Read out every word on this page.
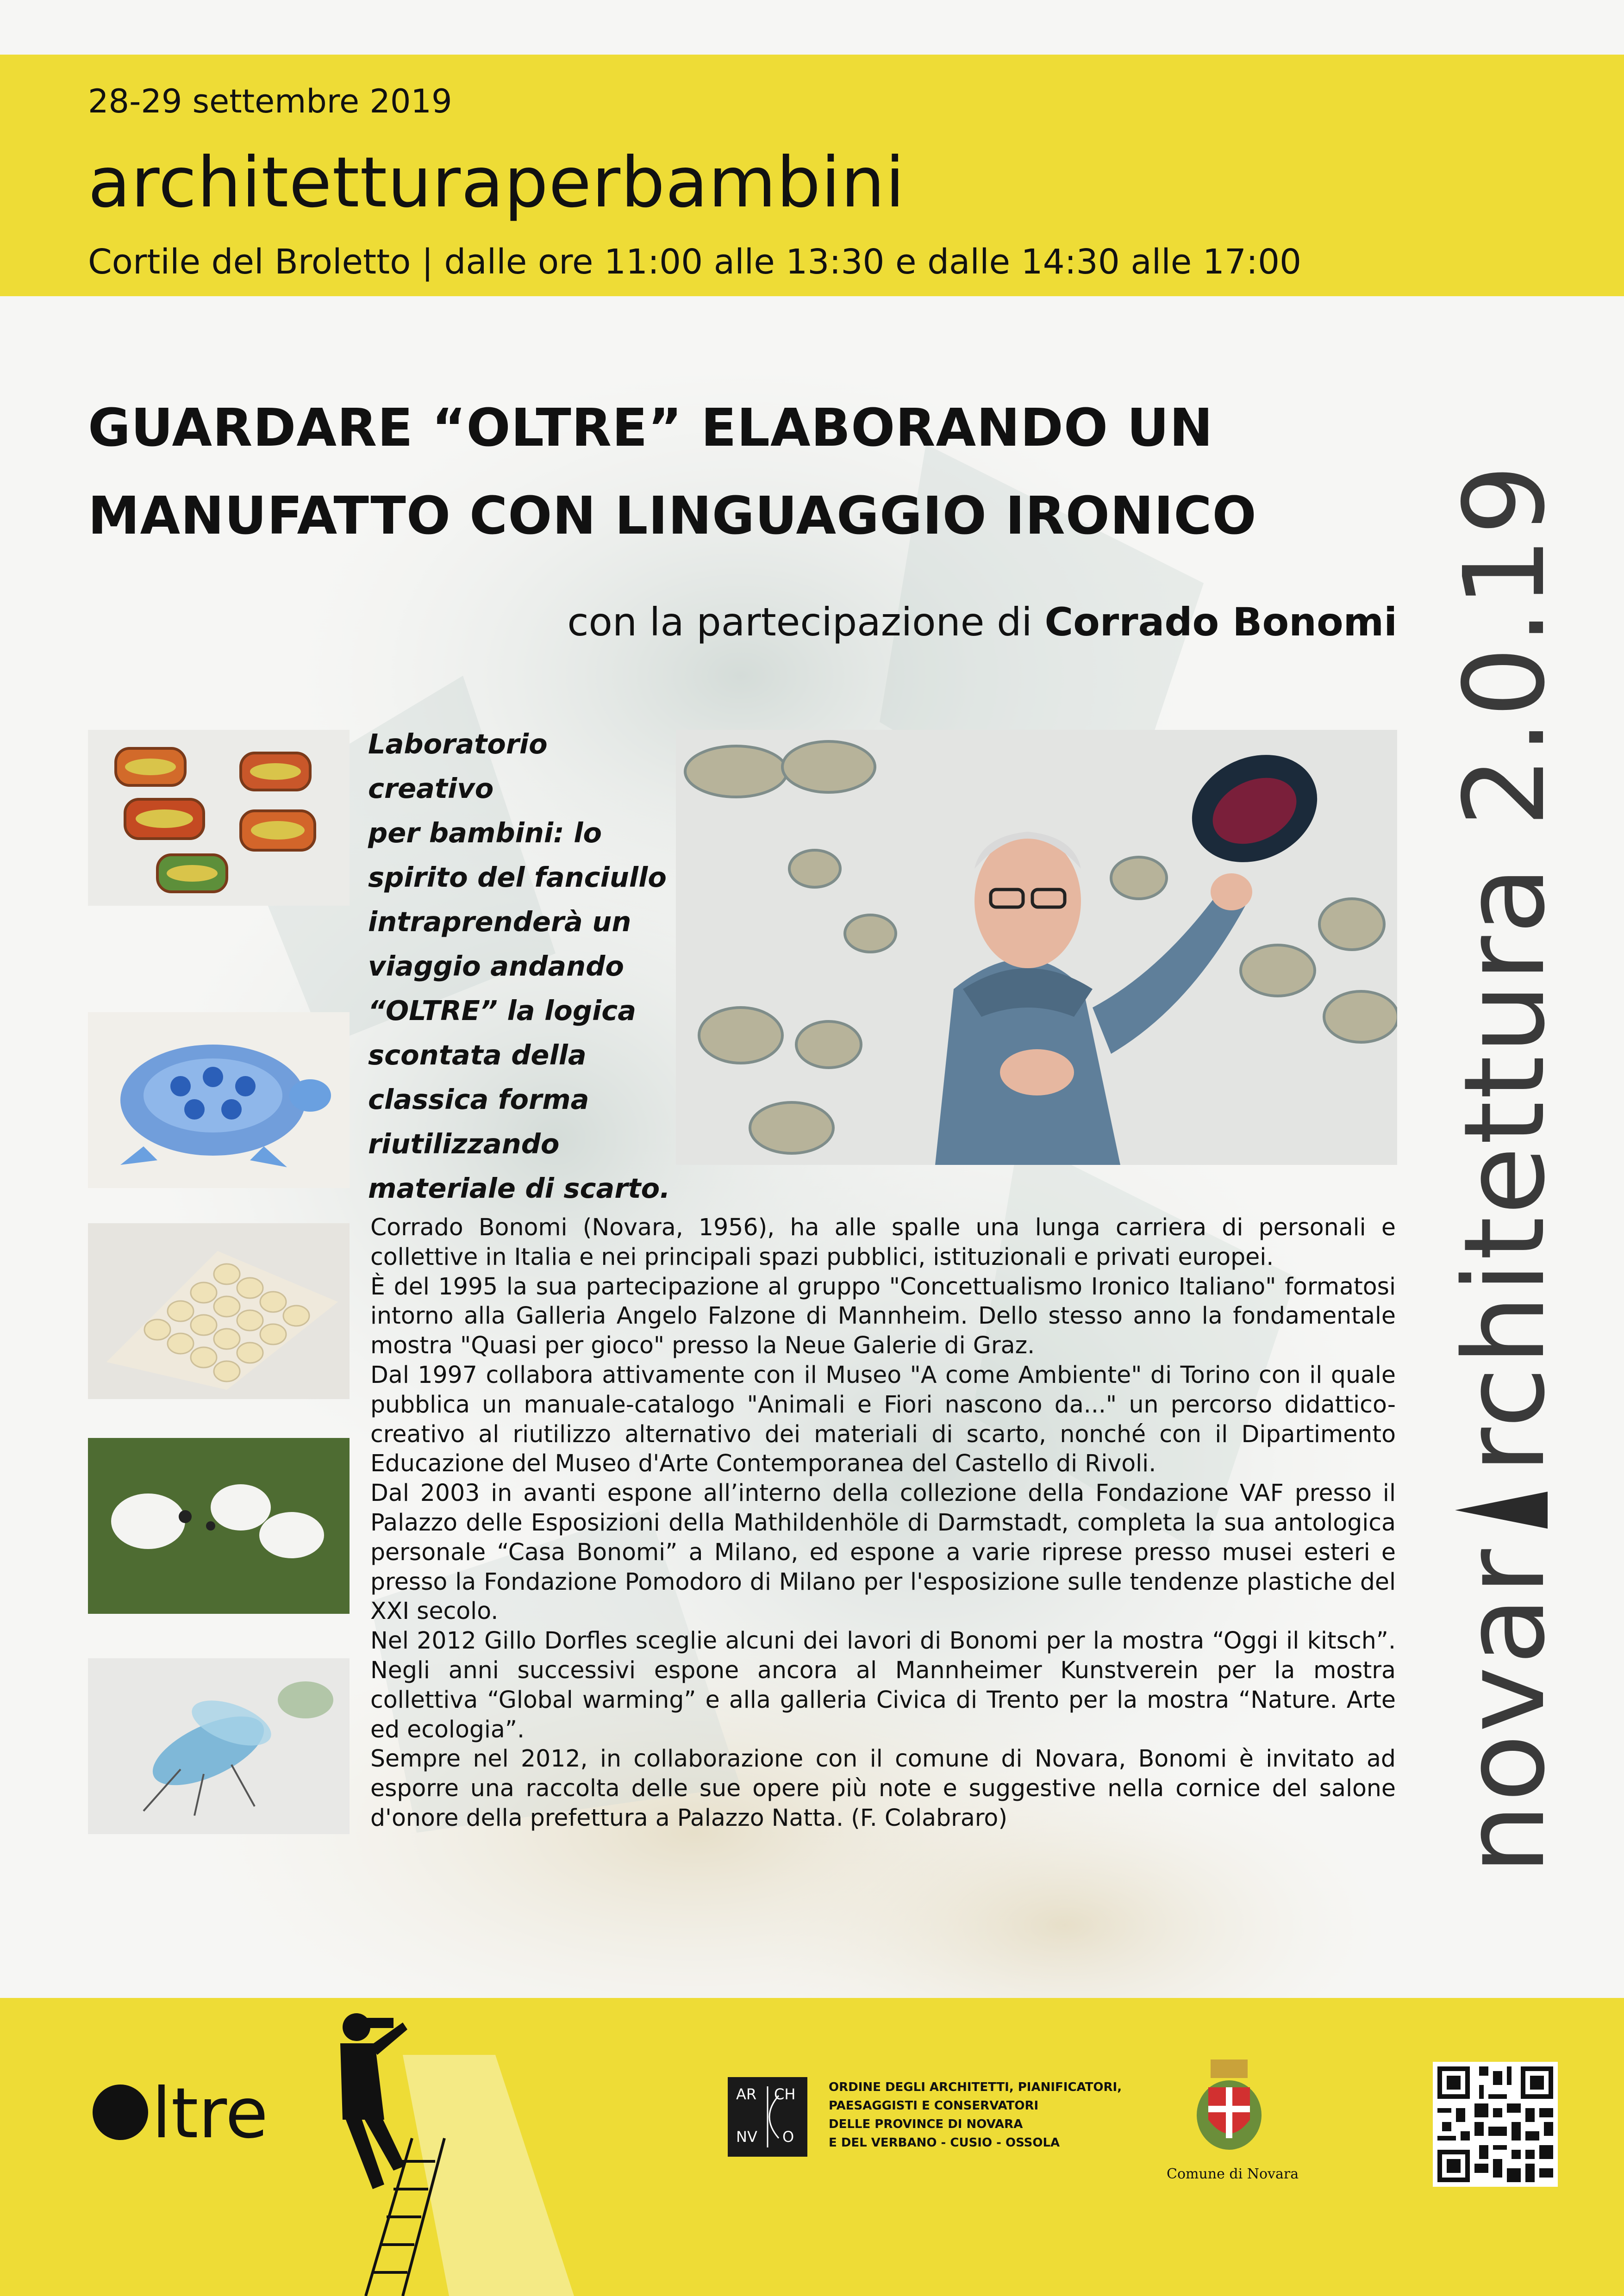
28-29 settembre 2019
architetturaperbambini
Cortile del Broletto | dalle ore 11:00 alle 13:30 e dalle 14:30 alle 17:00
GUARDARE “OLTRE” ELABORANDO UN
MANUFATTO CON LINGUAGGIO IRONICO
con la partecipazione di Corrado Bonomi
novarrchitettura 2.0.19
Laboratorio creativo
per bambini: lo
spirito del fanciullo
intraprenderà un
viaggio andando
“OLTRE” la logica
scontata della
classica forma
riutilizzando
materiale di scarto.

Corrado Bonomi (Novara, 1956), ha alle spalle una lunga carriera di personali e collettive in Italia e nei principali spazi pubblici, istituzionali e privati europei.

È del 1995 la sua partecipazione al gruppo "Concettualismo Ironico Italiano" formatosi intorno alla Galleria Angelo Falzone di Mannheim. Dello stesso anno la fondamentale mostra "Quasi per gioco" presso la Neue Galerie di Graz.

Dal 1997 collabora attivamente con il Museo "A come Ambiente" di Torino con il quale pubblica un manuale-catalogo "Animali e Fiori nascono da..." un percorso didattico-creativo al riutilizzo alternativo dei materiali di scarto, nonché con il Dipartimento Educazione del Museo d'Arte Contemporanea del Castello di Rivoli.

Dal 2003 in avanti espone all’interno della collezione della Fondazione VAF presso il Palazzo delle Esposizioni della Mathildenhöle di Darmstadt, completa la sua antologica personale “Casa Bonomi” a Milano, ed espone a varie riprese presso musei esteri e presso la Fondazione Pomodoro di Milano per l'esposizione sulle tendenze plastiche del XXI secolo.

Nel 2012 Gillo Dorfles sceglie alcuni dei lavori di Bonomi per la mostra “Oggi il kitsch”. Negli anni successivi espone ancora al Mannheimer Kunstverein per la mostra collettiva “Global warming” e alla galleria Civica di Trento per la mostra “Nature. Arte ed ecologia”.

Sempre nel 2012, in collaborazione con il comune di Novara, Bonomi è invitato ad esporre una raccolta delle sue opere più note e suggestive nella cornice del salone d'onore della prefettura a Palazzo Natta. (F. Colabraro)

ltre	AR CH
NV O
ORDINE DEGLI ARCHITETTI, PIANIFICATORI,
PAESAGGISTI E CONSERVATORI
DELLE PROVINCE DI NOVARA
E DEL VERBANO - CUSIO - OSSOLA
Comune di Novara
